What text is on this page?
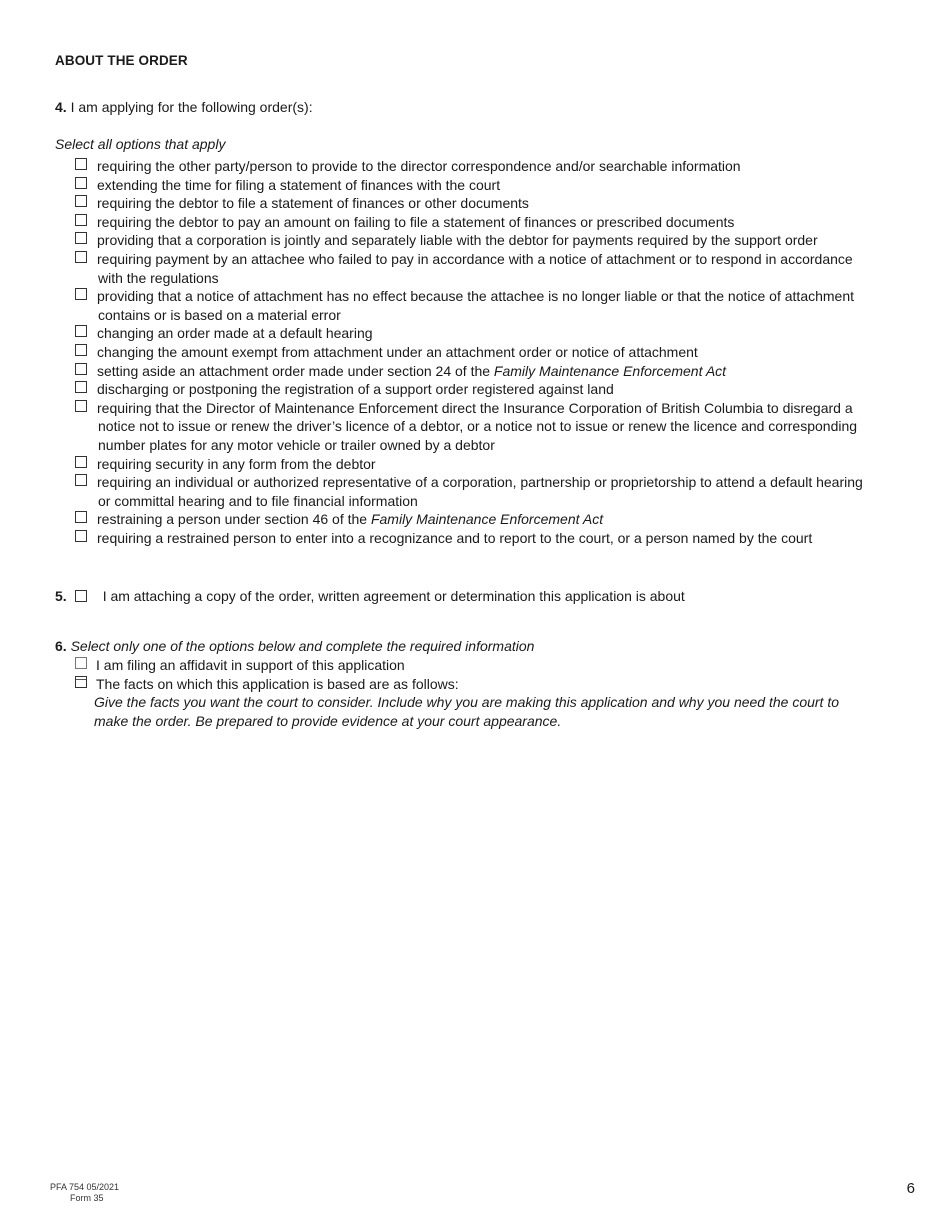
ABOUT THE ORDER
4. I am applying for the following order(s):
Select all options that apply
requiring the other party/person to provide to the director correspondence and/or searchable information
extending the time for filing a statement of finances with the court
requiring the debtor to file a statement of finances or other documents
requiring the debtor to pay an amount on failing to file a statement of finances or prescribed documents
providing that a corporation is jointly and separately liable with the debtor for payments required by the support order
requiring payment by an attachee who failed to pay in accordance with a notice of attachment or to respond in accordance
with the regulations
providing that a notice of attachment has no effect because the attachee is no longer liable or that the notice of attachment
contains or is based on a material error
changing an order made at a default hearing
changing the amount exempt from attachment under an attachment order or notice of attachment
setting aside an attachment order made under section 24 of the Family Maintenance Enforcement Act
discharging or postponing the registration of a support order registered against land
requiring that the Director of Maintenance Enforcement direct the Insurance Corporation of British Columbia to disregard a
notice not to issue or renew the driver’s licence of a debtor, or a notice not to issue or renew the licence and corresponding
number plates for any motor vehicle or trailer owned by a debtor
requiring security in any form from the debtor
requiring an individual or authorized representative of a corporation, partnership or proprietorship to attend a default hearing
or committal hearing and to file financial information
restraining a person under section 46 of the Family Maintenance Enforcement Act
requiring a restrained person to enter into a recognizance and to report to the court, or a person named by the court
5.	I am attaching a copy of the order, written agreement or determination this application is about
6. Select only one of the options below and complete the required information
I am filing an affidavit in support of this application
The facts on which this application is based are as follows:
Give the facts you want the court to consider. Include why you are making this application and why you need the court to
make the order. Be prepared to provide evidence at your court appearance.
PFA 754 05/2021
Form 35
6
